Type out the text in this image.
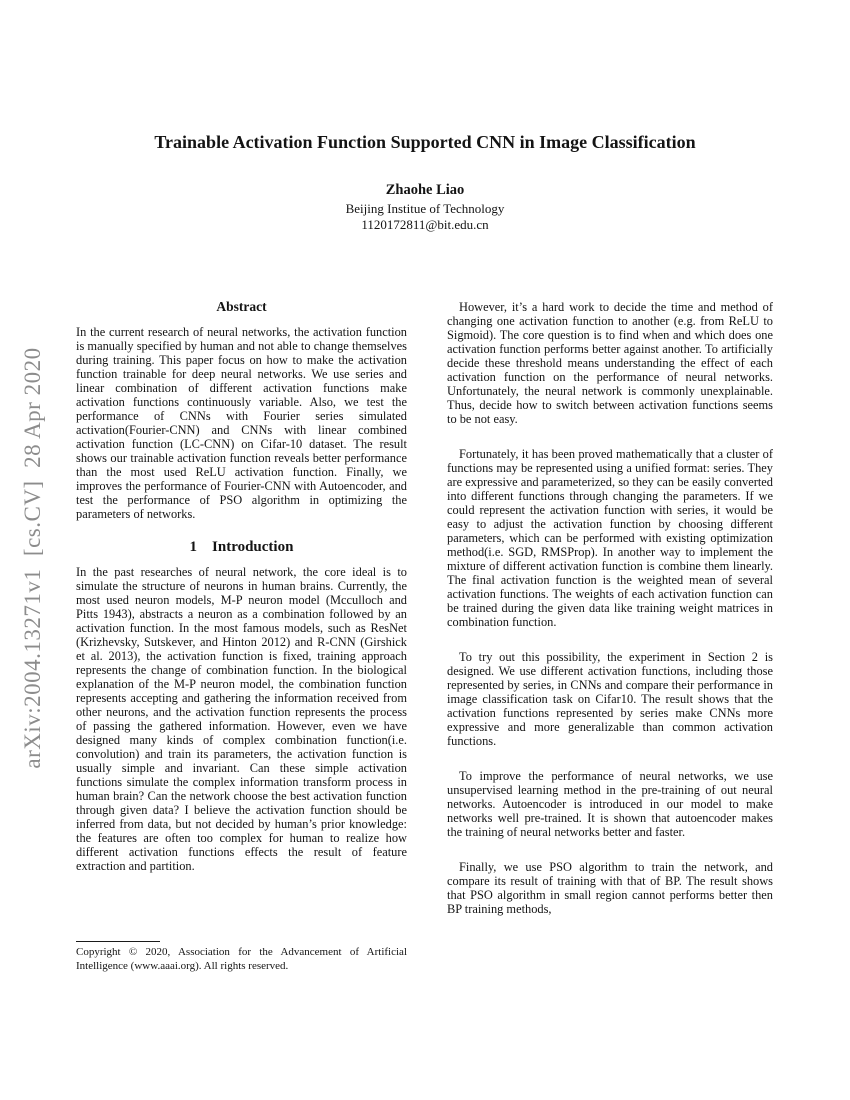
arXiv:2004.13271v1  [cs.CV]  28 Apr 2020
Trainable Activation Function Supported CNN in Image Classification
Zhaohe Liao
Beijing Institue of Technology
1120172811@bit.edu.cn
Abstract

In the current research of neural networks, the activation function is manually specified by human and not able to change themselves during training. This paper focus on how to make the activation function trainable for deep neural networks. We use series and linear combination of different activation functions make activation functions continuously variable. Also, we test the performance of CNNs with Fourier series simulated activation(Fourier-CNN) and CNNs with linear combined activation function (LC-CNN) on Cifar-10 dataset. The result shows our trainable activation function reveals better performance than the most used ReLU activation function. Finally, we improves the performance of Fourier-CNN with Autoencoder, and test the performance of PSO algorithm in optimizing the parameters of networks.

1 Introduction

In the past researches of neural network, the core ideal is to simulate the structure of neurons in human brains. Currently, the most used neuron models, M-P neuron model (Mcculloch and Pitts 1943), abstracts a neuron as a combination followed by an activation function. In the most famous models, such as ResNet (Krizhevsky, Sutskever, and Hinton 2012) and R-CNN (Girshick et al. 2013), the activation function is fixed, training approach represents the change of combination function. In the biological explanation of the M-P neuron model, the combination function represents accepting and gathering the information received from other neurons, and the activation function represents the process of passing the gathered information. However, even we have designed many kinds of complex combination function(i.e. convolution) and train its parameters, the activation function is usually simple and invariant. Can these simple activation functions simulate the complex information transform process in human brain? Can the network choose the best activation function through given data? I believe the activation function should be inferred from data, but not decided by human’s prior knowledge: the features are often too complex for human to realize how different activation functions effects the result of feature extraction and partition.

Copyright © 2020, Association for the Advancement of Artificial Intelligence (www.aaai.org). All rights reserved.

However, it’s a hard work to decide the time and method of changing one activation function to another (e.g. from ReLU to Sigmoid). The core question is to find when and which does one activation function performs better against another. To artificially decide these threshold means understanding the effect of each activation function on the performance of neural networks. Unfortunately, the neural network is commonly unexplainable. Thus, decide how to switch between activation functions seems to be not easy.

Fortunately, it has been proved mathematically that a cluster of functions may be represented using a unified format: series. They are expressive and parameterized, so they can be easily converted into different functions through changing the parameters. If we could represent the activation function with series, it would be easy to adjust the activation function by choosing different parameters, which can be performed with existing optimization method(i.e. SGD, RMSProp). In another way to implement the mixture of different activation function is combine them linearly. The final activation function is the weighted mean of several activation functions. The weights of each activation function can be trained during the given data like training weight matrices in combination function.

To try out this possibility, the experiment in Section 2 is designed. We use different activation functions, including those represented by series, in CNNs and compare their performance in image classification task on Cifar10. The result shows that the activation functions represented by series make CNNs more expressive and more generalizable than common activation functions.

To improve the performance of neural networks, we use unsupervised learning method in the pre-training of out neural networks. Autoencoder is introduced in our model to make networks well pre-trained. It is shown that autoencoder makes the training of neural networks better and faster.

Finally, we use PSO algorithm to train the network, and compare its result of training with that of BP. The result shows that PSO algorithm in small region cannot performs better then BP training methods,
